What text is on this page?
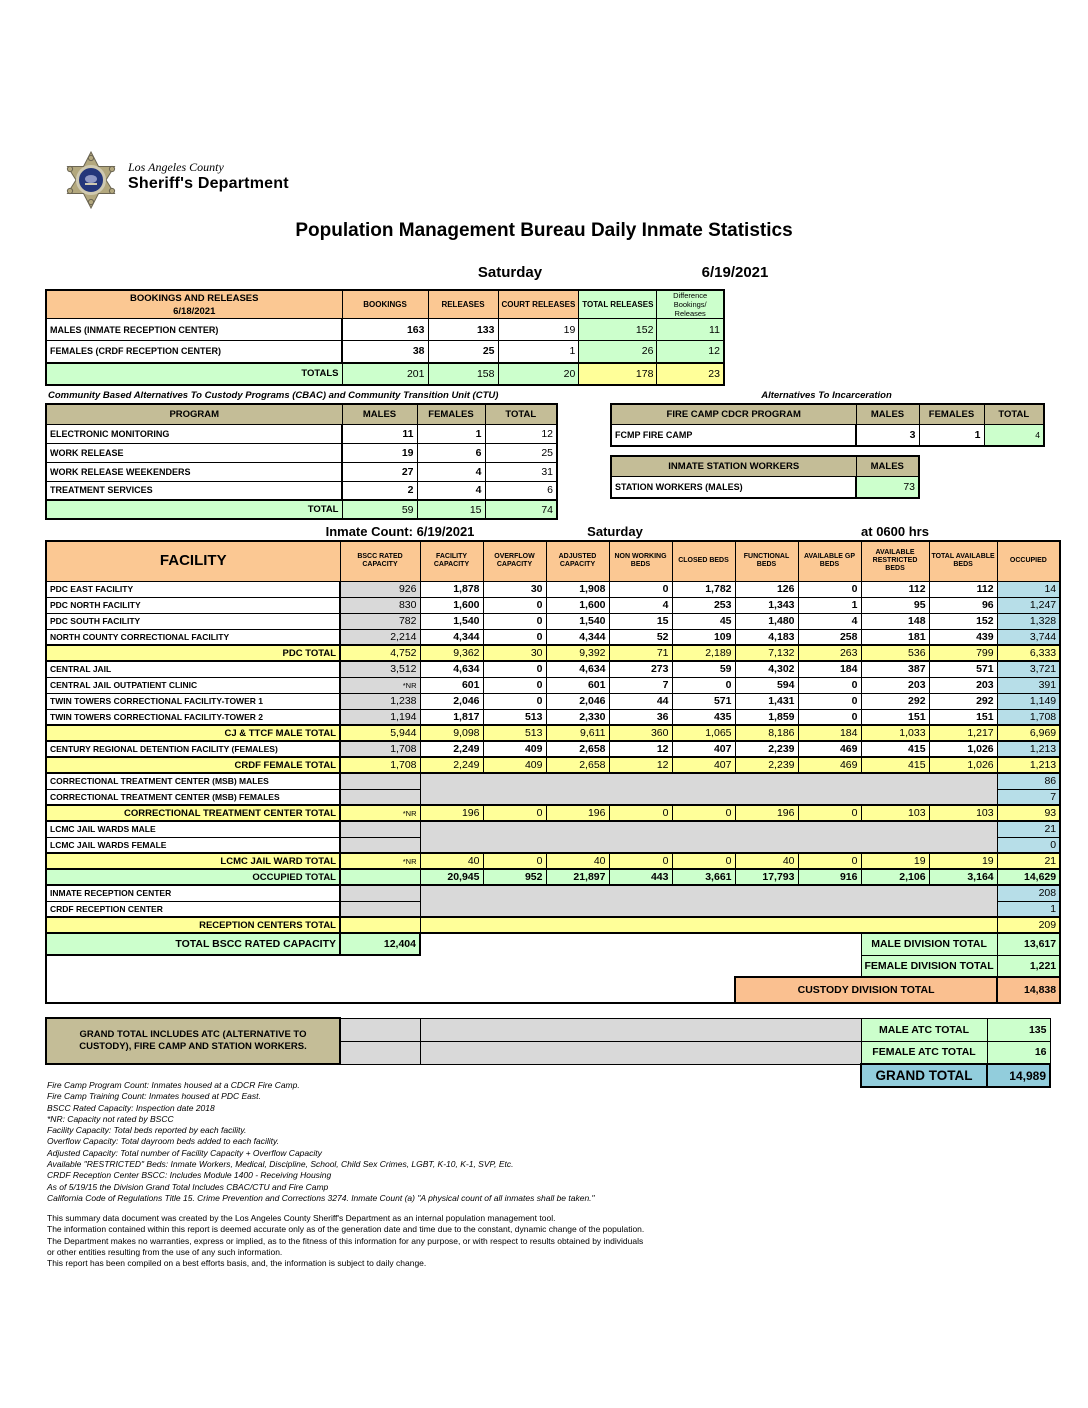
Los Angeles County
Sheriff's Department
Population Management Bureau Daily Inmate Statistics
Saturday	6/19/2021
BOOKINGS AND RELEASES
6/18/2021
	BOOKINGS	RELEASES	COURT RELEASES	TOTAL RELEASES	
Difference
Bookings/
Releases

MALES (INMATE RECEPTION CENTER)	163	133	19	152	11
FEMALES (CRDF RECEPTION CENTER)	38	25	1	26	12
TOTALS	201	158	20	178	23
Community Based Alternatives To Custody Programs (CBAC) and Community Transition Unit (CTU)
PROGRAM	MALES	FEMALES	TOTAL
ELECTRONIC MONITORING	11	1	12
WORK RELEASE	19	6	25
WORK RELEASE WEEKENDERS	27	4	31
TREATMENT SERVICES	2	4	6
TOTAL	59	15	74
Alternatives To Incarceration
FIRE CAMP CDCR PROGRAM	MALES	FEMALES	TOTAL
FCMP FIRE CAMP	3	1	4
INMATE STATION WORKERS	MALES
STATION WORKERS (MALES)	73
Inmate Count: 6/19/2021	Saturday	at 0600 hrs
FACILITY	BSCC RATED CAPACITY	FACILITY CAPACITY	OVERFLOW CAPACITY	ADJUSTED CAPACITY	NON WORKING BEDS	CLOSED BEDS	FUNCTIONAL BEDS	AVAILABLE GP BEDS	AVAILABLE RESTRICTED BEDS	TOTAL AVAILABLE BEDS	OCCUPIED
PDC EAST FACILITY	926	1,878	30	1,908	0	1,782	126	0	112	112	14
PDC NORTH FACILITY	830	1,600	0	1,600	4	253	1,343	1	95	96	1,247
PDC SOUTH FACILITY	782	1,540	0	1,540	15	45	1,480	4	148	152	1,328
NORTH COUNTY CORRECTIONAL FACILITY	2,214	4,344	0	4,344	52	109	4,183	258	181	439	3,744
PDC TOTAL	4,752	9,362	30	9,392	71	2,189	7,132	263	536	799	6,333
CENTRAL JAIL	3,512	4,634	0	4,634	273	59	4,302	184	387	571	3,721
CENTRAL JAIL OUTPATIENT CLINIC	*NR	601	0	601	7	0	594	0	203	203	391
TWIN TOWERS CORRECTIONAL FACILITY-TOWER 1	1,238	2,046	0	2,046	44	571	1,431	0	292	292	1,149
TWIN TOWERS CORRECTIONAL FACILITY-TOWER 2	1,194	1,817	513	2,330	36	435	1,859	0	151	151	1,708
CJ & TTCF MALE TOTAL	5,944	9,098	513	9,611	360	1,065	8,186	184	1,033	1,217	6,969
CENTURY REGIONAL DETENTION FACILITY (FEMALES)	1,708	2,249	409	2,658	12	407	2,239	469	415	1,026	1,213
CRDF FEMALE TOTAL	1,708	2,249	409	2,658	12	407	2,239	469	415	1,026	1,213
CORRECTIONAL TREATMENT CENTER (MSB) MALES											86
CORRECTIONAL TREATMENT CENTER (MSB) FEMALES											7
CORRECTIONAL TREATMENT CENTER TOTAL	*NR	196	0	196	0	0	196	0	103	103	93
LCMC JAIL WARDS MALE											21
LCMC JAIL WARDS FEMALE											0
LCMC JAIL WARD TOTAL	*NR	40	0	40	0	0	40	0	19	19	21
OCCUPIED TOTAL		20,945	952	21,897	443	3,661	17,793	916	2,106	3,164	14,629
INMATE RECEPTION CENTER											208
CRDF RECEPTION CENTER											1
RECEPTION CENTERS TOTAL											209
TOTAL BSCC RATED CAPACITY	12,404								MALE DIVISION TOTAL		13,617
									FEMALE DIVISION TOTAL		1,221
							CUSTODY DIVISION TOTAL				14,838
GRAND TOTAL INCLUDES ATC (ALTERNATIVE TO CUSTODY), FIRE CAMP AND STATION WORKERS.			MALE ATC TOTAL	135
			FEMALE ATC TOTAL	16
			GRAND TOTAL	14,989
Fire Camp Program Count: Inmates housed at a CDCR Fire Camp.
Fire Camp Training Count: Inmates housed at PDC East.
BSCC Rated Capacity: Inspection date 2018
*NR: Capacity not rated by BSCC
Facility Capacity: Total beds reported by each facility.
Overflow Capacity: Total dayroom beds added to each facility.
Adjusted Capacity: Total number of Facility Capacity + Overflow Capacity
Available "RESTRICTED" Beds: Inmate Workers, Medical, Discipline, School, Child Sex Crimes, LGBT, K-10, K-1, SVP, Etc.
CRDF Reception Center BSCC: Includes Module 1400 - Receiving Housing
As of 5/19/15 the Division Grand Total Includes CBAC/CTU and Fire Camp
California Code of Regulations Title 15. Crime Prevention and Corrections 3274. Inmate Count (a) "A physical count of all inmates shall be taken."
This summary data document was created by the Los Angeles County Sheriff's Department as an internal population management tool.
The information contained within this report is deemed accurate only as of the generation date and time due to the constant, dynamic change of the population.
The Department makes no warranties, express or implied, as to the fitness of this information for any purpose, or with respect to results obtained by individuals
or other entities resulting from the use of any such information.
This report has been compiled on a best efforts basis, and, the information is subject to daily change.
